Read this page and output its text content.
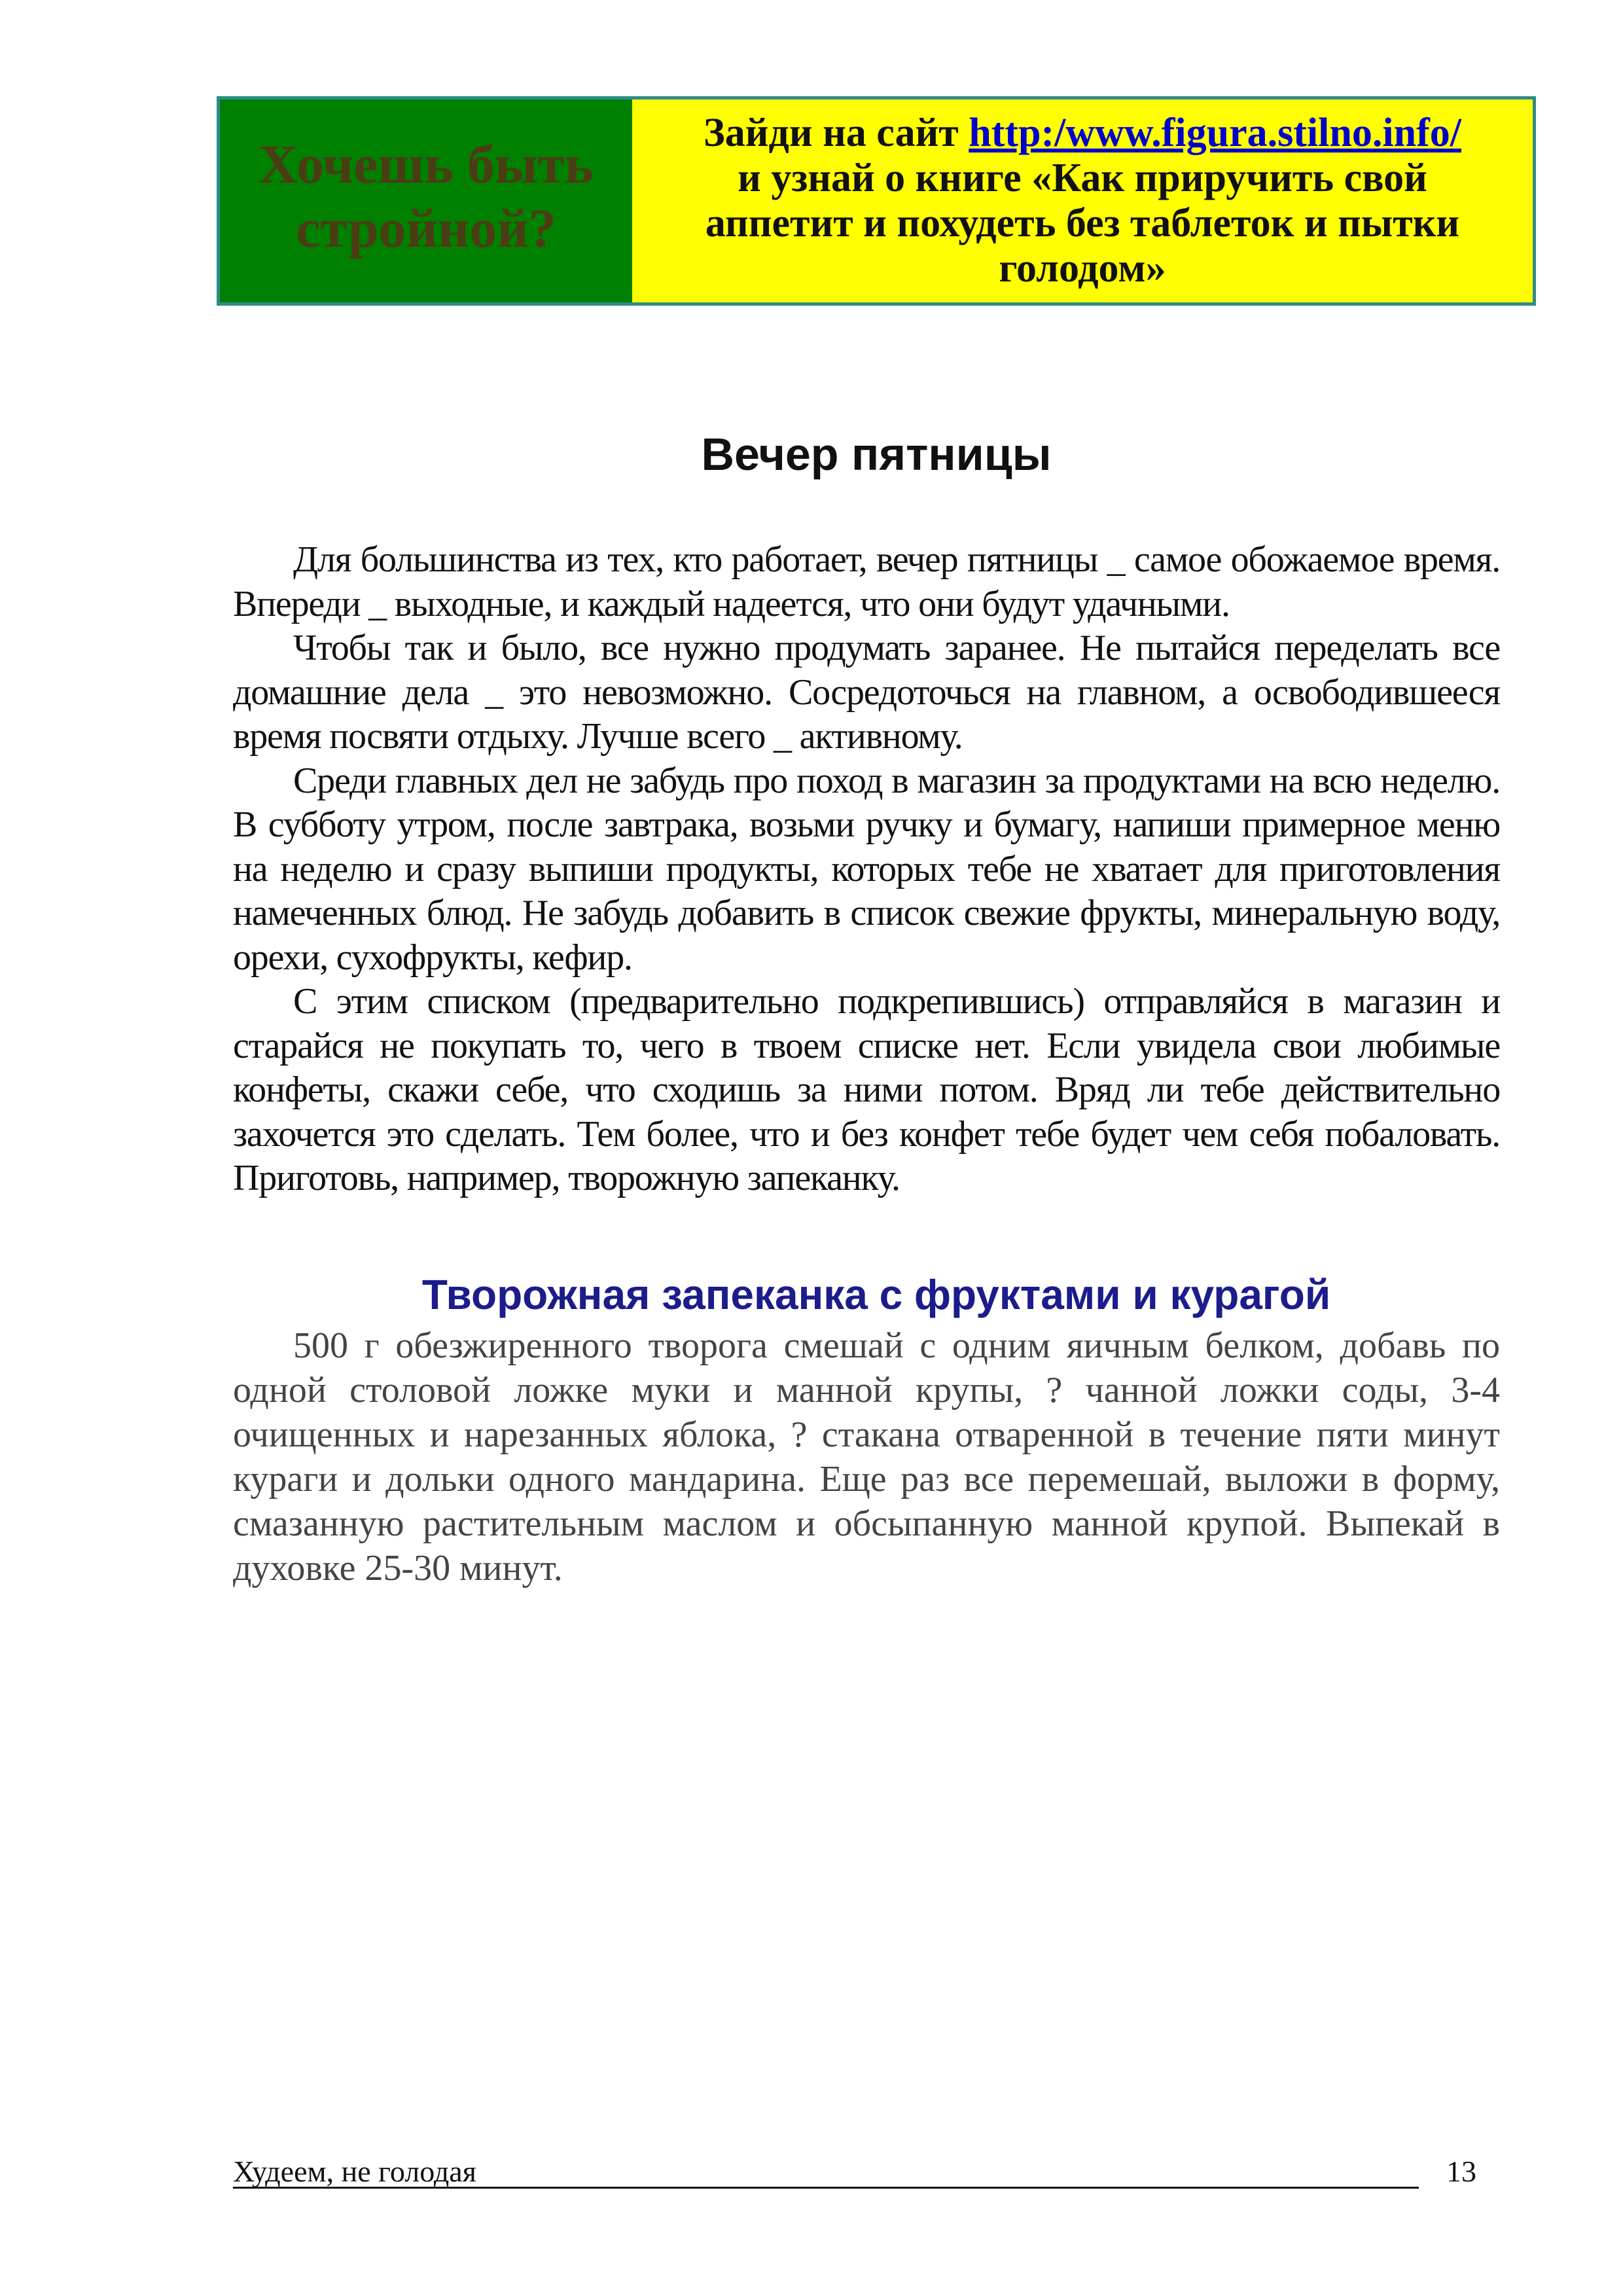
Хочешь быть
стройной?
Зайди на сайт http:/www.figura.stilno.info/
и узнай о книге «Как приручить свой
аппетит и похудеть без таблеток и пытки
голодом»
Вечер пятницы

Для большинства из тех, кто работает, вечер пятницы _ самое обожаемое время. Впереди _ выходные, и каждый надеется, что они будут удачными.

Чтобы так и было, все нужно продумать заранее. Не пытайся переделать все домашние дела _ это невозможно. Сосредоточься на главном, а освободившееся время посвяти отдыху. Лучше всего _ активному.

Среди главных дел не забудь про поход в магазин за продуктами на всю неделю. В субботу утром, после завтрака, возьми ручку и бумагу, напиши примерное меню на неделю и сразу выпиши продукты, которых тебе не хватает для приготовления намеченных блюд. Не забудь добавить в список свежие фрукты, минеральную воду, орехи, сухофрукты, кефир.

С этим списком (предварительно подкрепившись) отправляйся в магазин и старайся не покупать то, чего в твоем списке нет. Если увидела свои любимые конфеты, скажи себе, что сходишь за ними потом. Вряд ли тебе действительно захочется это сделать. Тем более, что и без конфет тебе будет чем себя побаловать. Приготовь, например, творожную запеканку.

Творожная запеканка с фруктами и курагой

500 г обезжиренного творога смешай с одним яичным белком, добавь по одной столовой ложке муки и манной крупы, ? чанной ложки соды, 3-4 очищенных и нарезанных яблока, ? стакана отваренной в течение пяти минут кураги и дольки одного мандарина. Еще раз все перемешай, выложи в форму, смазанную растительным маслом и обсыпанную манной крупой. Выпекай в духовке 25-30 минут.

Худеем, не голодая	13
